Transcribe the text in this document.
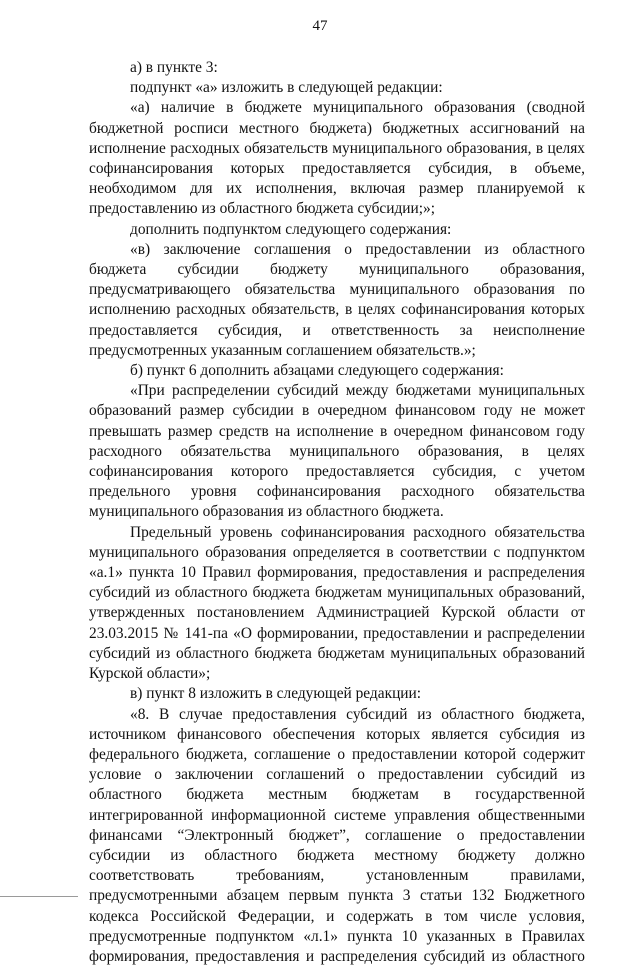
47

а) в пункте 3:

подпункт «а» изложить в следующей редакции:

«а) наличие в бюджете муниципального образования (сводной бюджетной росписи местного бюджета) бюджетных ассигнований на исполнение расходных обязательств муниципального образования, в целях софинансирования которых предоставляется субсидия, в объеме, необходимом для их исполнения, включая размер планируемой к предоставлению из областного бюджета субсидии;»;

дополнить подпунктом следующего содержания:

«в) заключение соглашения о предоставлении из областного бюджета субсидии бюджету муниципального образования, предусматривающего обязательства муниципального образования по исполнению расходных обязательств, в целях софинансирования которых предоставляется субсидия, и ответственность за неисполнение предусмотренных указанным соглашением обязательств.»;

б) пункт 6 дополнить абзацами следующего содержания:

«При распределении субсидий между бюджетами муниципальных образований размер субсидии в очередном финансовом году не может превышать размер средств на исполнение в очередном финансовом году расходного обязательства муниципального образования, в целях софинансирования которого предоставляется субсидия, с учетом предельного уровня софинансирования расходного обязательства муниципального образования из областного бюджета.

Предельный уровень софинансирования расходного обязательства муниципального образования определяется в соответствии с подпунктом «а.1» пункта 10 Правил формирования, предоставления и распределения субсидий из областного бюджета бюджетам муниципальных образований, утвержденных постановлением Администрацией Курской области от 23.03.2015 № 141-па «О формировании, предоставлении и распределении субсидий из областного бюджета бюджетам муниципальных образований Курской области»;

в) пункт 8 изложить в следующей редакции:

«8. В случае предоставления субсидий из областного бюджета, источником финансового обеспечения которых является субсидия из федерального бюджета, соглашение о предоставлении которой содержит условие о заключении соглашений о предоставлении субсидий из областного бюджета местным бюджетам в государственной интегрированной информационной системе управления общественными финансами “Электронный бюджет”, соглашение о предоставлении субсидии из областного бюджета местному бюджету должно соответствовать требованиям, установленным правилами, предусмотренными абзацем первым пункта 3 статьи 132 Бюджетного кодекса Российской Федерации, и содержать в том числе условия, предусмотренные подпунктом «л.1» пункта 10 указанных в Правилах формирования, предоставления и распределения субсидий из областного
